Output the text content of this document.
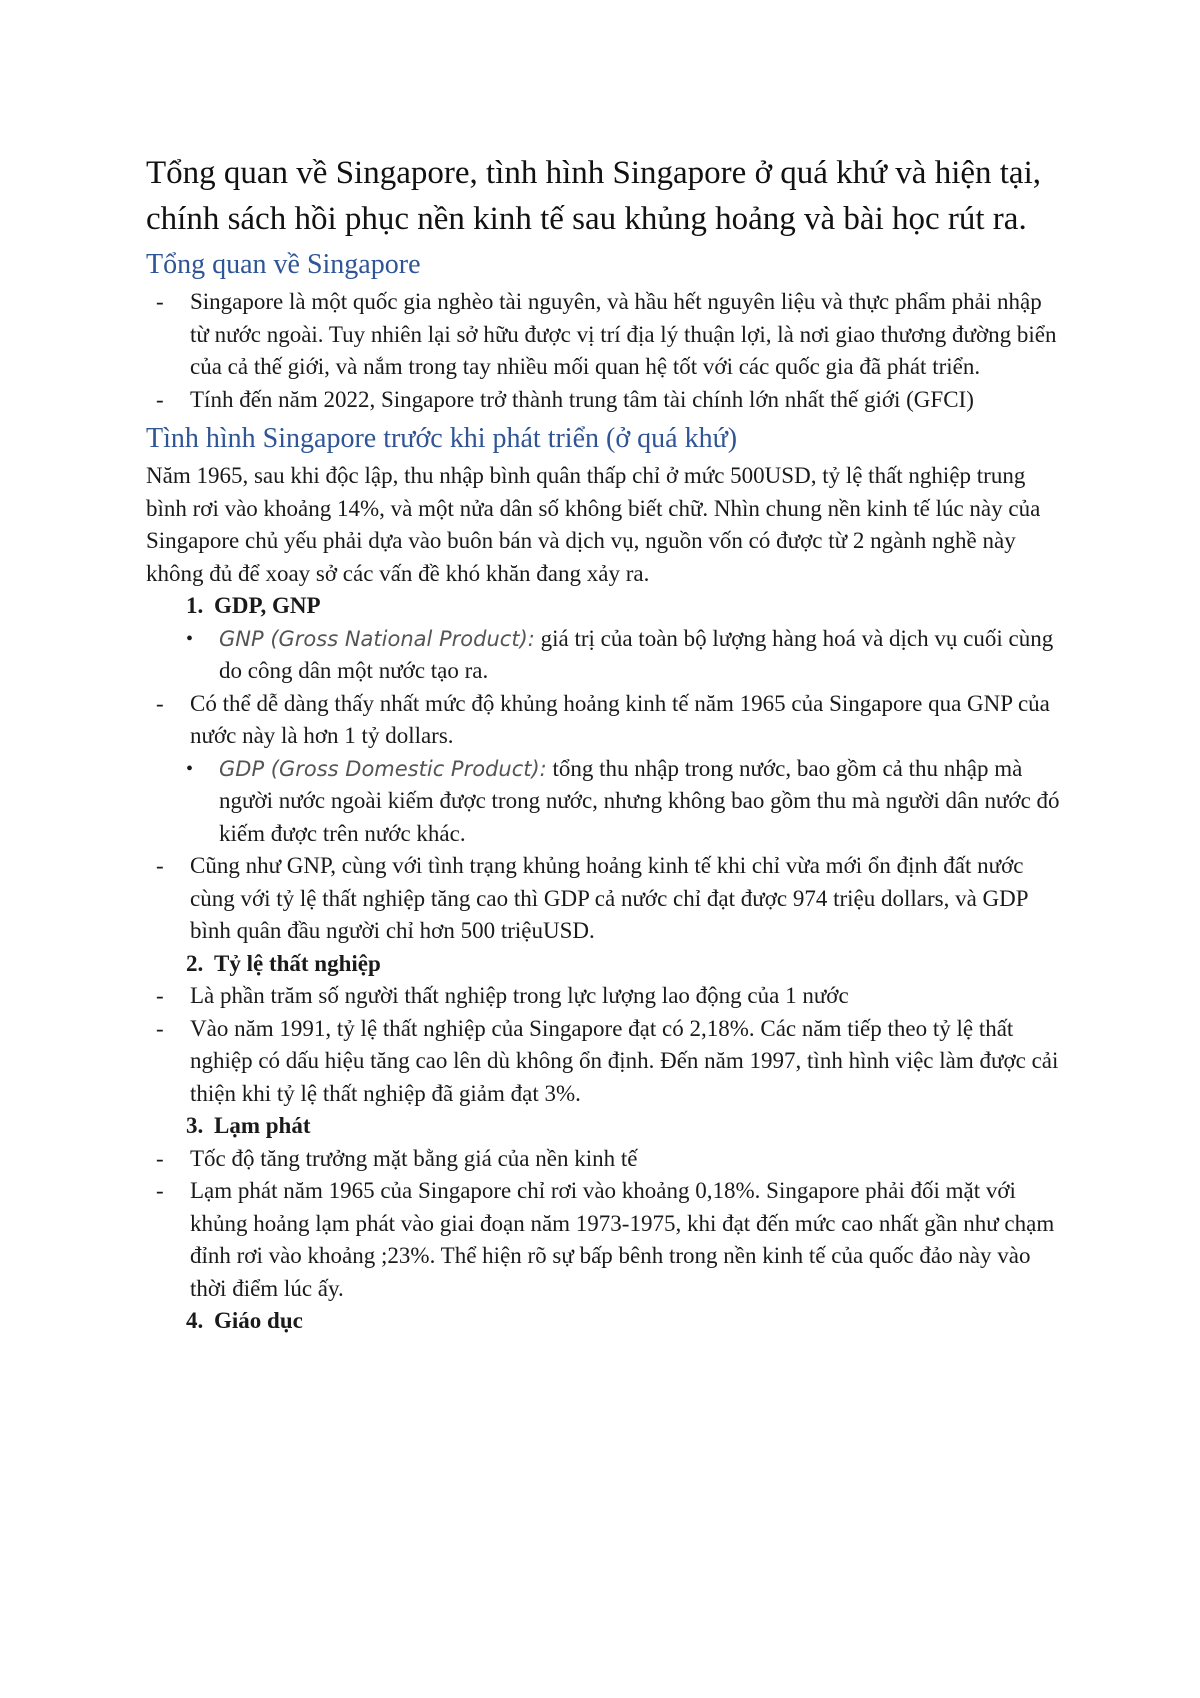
Tổng quan về Singapore, tình hình Singapore ở quá khứ và hiện tại, chính sách hồi phục nền kinh tế sau khủng hoảng và bài học rút ra.
Tổng quan về Singapore
- Singapore là một quốc gia nghèo tài nguyên, và hầu hết nguyên liệu và thực phẩm phải nhập từ nước ngoài. Tuy nhiên lại sở hữu được vị trí địa lý thuận lợi, là nơi giao thương đường biển của cả thế giới, và nắm trong tay nhiều mối quan hệ tốt với các quốc gia đã phát triển.
- Tính đến năm 2022, Singapore trở thành trung tâm tài chính lớn nhất thế giới (GFCI)
Tình hình Singapore trước khi phát triển (ở quá khứ)

Năm 1965, sau khi độc lập, thu nhập bình quân thấp chỉ ở mức 500USD, tỷ lệ thất nghiệp trung bình rơi vào khoảng 14%, và một nửa dân số không biết chữ. Nhìn chung nền kinh tế lúc này của Singapore chủ yếu phải dựa vào buôn bán và dịch vụ, nguồn vốn có được từ 2 ngành nghề này không đủ để xoay sở các vấn đề khó khăn đang xảy ra.

1. GDP, GNP

• GNP (Gross National Product): giá trị của toàn bộ lượng hàng hoá và dịch vụ cuối cùng do công dân một nước tạo ra.
- Có thể dễ dàng thấy nhất mức độ khủng hoảng kinh tế năm 1965 của Singapore qua GNP của nước này là hơn 1 tỷ dollars.
• GDP (Gross Domestic Product): tổng thu nhập trong nước, bao gồm cả thu nhập mà người nước ngoài kiếm được trong nước, nhưng không bao gồm thu mà người dân nước đó kiếm được trên nước khác.
- Cũng như GNP, cùng với tình trạng khủng hoảng kinh tế khi chỉ vừa mới ổn định đất nước cùng với tỷ lệ thất nghiệp tăng cao thì GDP cả nước chỉ đạt được 974 triệu dollars, và GDP bình quân đầu người chỉ hơn 500 triệuUSD.

2. Tỷ lệ thất nghiệp

- Là phần trăm số người thất nghiệp trong lực lượng lao động của 1 nước
- Vào năm 1991, tỷ lệ thất nghiệp của Singapore đạt có 2,18%. Các năm tiếp theo tỷ lệ thất nghiệp có dấu hiệu tăng cao lên dù không ổn định. Đến năm 1997, tình hình việc làm được cải thiện khi tỷ lệ thất nghiệp đã giảm đạt 3%.

3. Lạm phát

- Tốc độ tăng trưởng mặt bằng giá của nền kinh tế
- Lạm phát năm 1965 của Singapore chỉ rơi vào khoảng 0,18%. Singapore phải đối mặt với khủng hoảng lạm phát vào giai đoạn năm 1973-1975, khi đạt đến mức cao nhất gần như chạm đỉnh rơi vào khoảng ;23%. Thể hiện rõ sự bấp bênh trong nền kinh tế của quốc đảo này vào thời điểm lúc ấy.

4. Giáo dục
